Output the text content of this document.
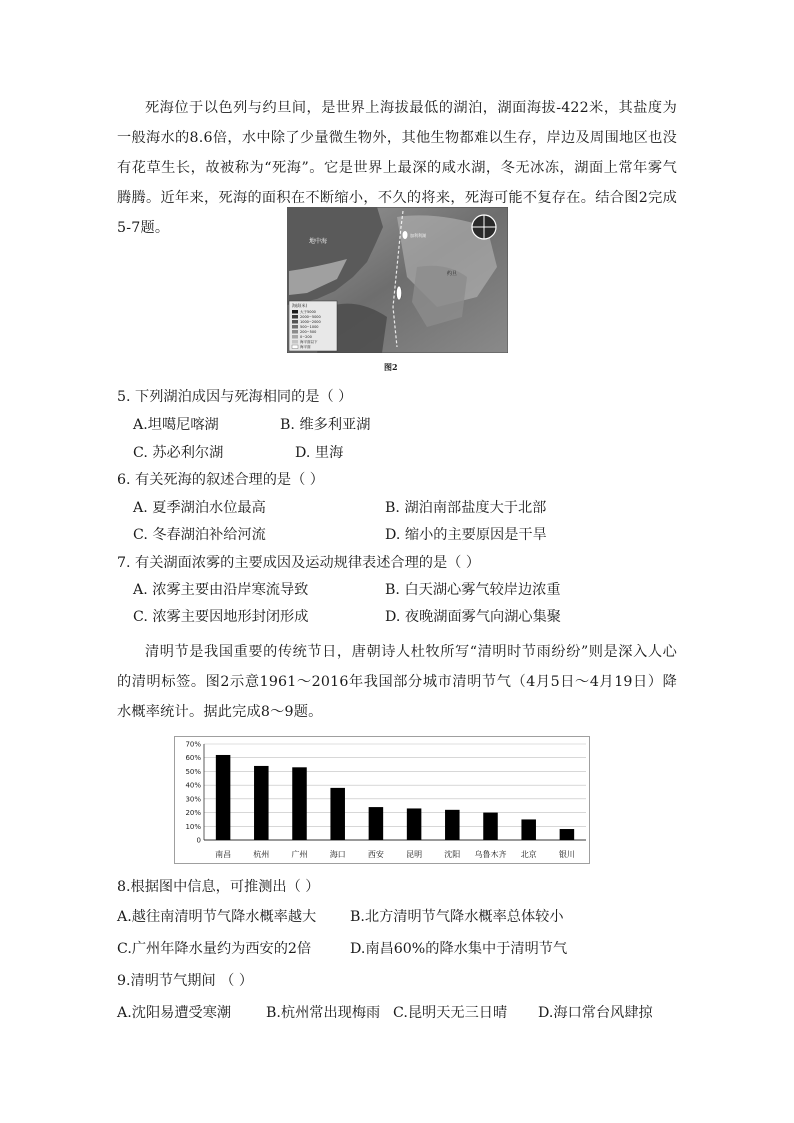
死海位于以色列与约旦间，是世界上海拔最低的湖泊，湖面海拔-422米，其盐度为一般海水的8.6倍，水中除了少量微生物外，其他生物都难以生存，岸边及周围地区也没有花草生长，故被称为“死海”。它是世界上最深的咸水湖，冬无冰冻，湖面上常年雾气腾腾。近年来，死海的面积在不断缩小，不久的将来，死海可能不复存在。结合图2完成5-7题。
地中海
加利利湖
约旦
海拔(米)
大于5000
2000~5000
1000~2000
500~1000
200~500
0~200
海平面以下
海平面
图2
5. 下列湖泊成因与死海相同的是（ ）
A.坦噶尼喀湖	B. 维多利亚湖
C. 苏必利尔湖	D. 里海
6. 有关死海的叙述合理的是（ ）
A. 夏季湖泊水位最高	B. 湖泊南部盐度大于北部
C. 冬春湖泊补给河流	D. 缩小的主要原因是干旱
7. 有关湖面浓雾的主要成因及运动规律表述合理的是（ ）
A. 浓雾主要由沿岸寒流导致	B. 白天湖心雾气较岸边浓重
C. 浓雾主要因地形封闭形成	D. 夜晚湖面雾气向湖心集聚
清明节是我国重要的传统节日，唐朝诗人杜牧所写“清明时节雨纷纷”则是深入人心的清明标签。图2示意1961～2016年我国部分城市清明节气（4月5日～4月19日）降水概率统计。据此完成8～9题。
0
10%
20%
30%
40%
50%
60%
70%
南昌	杭州	广州	海口	西安	昆明	沈阳 乌鲁木齐 北京	银川
8.根据图中信息，可推测出（ ）
A.越往南清明节气降水概率越大 B.北方清明节气降水概率总体较小
C.广州年降水量约为西安的2倍	D.南昌60%的降水集中于清明节气
9.清明节气期间 （ ）
A.沈阳易遭受寒潮 B.杭州常出现梅雨 C.昆明天无三日晴 D.海口常台风肆掠
